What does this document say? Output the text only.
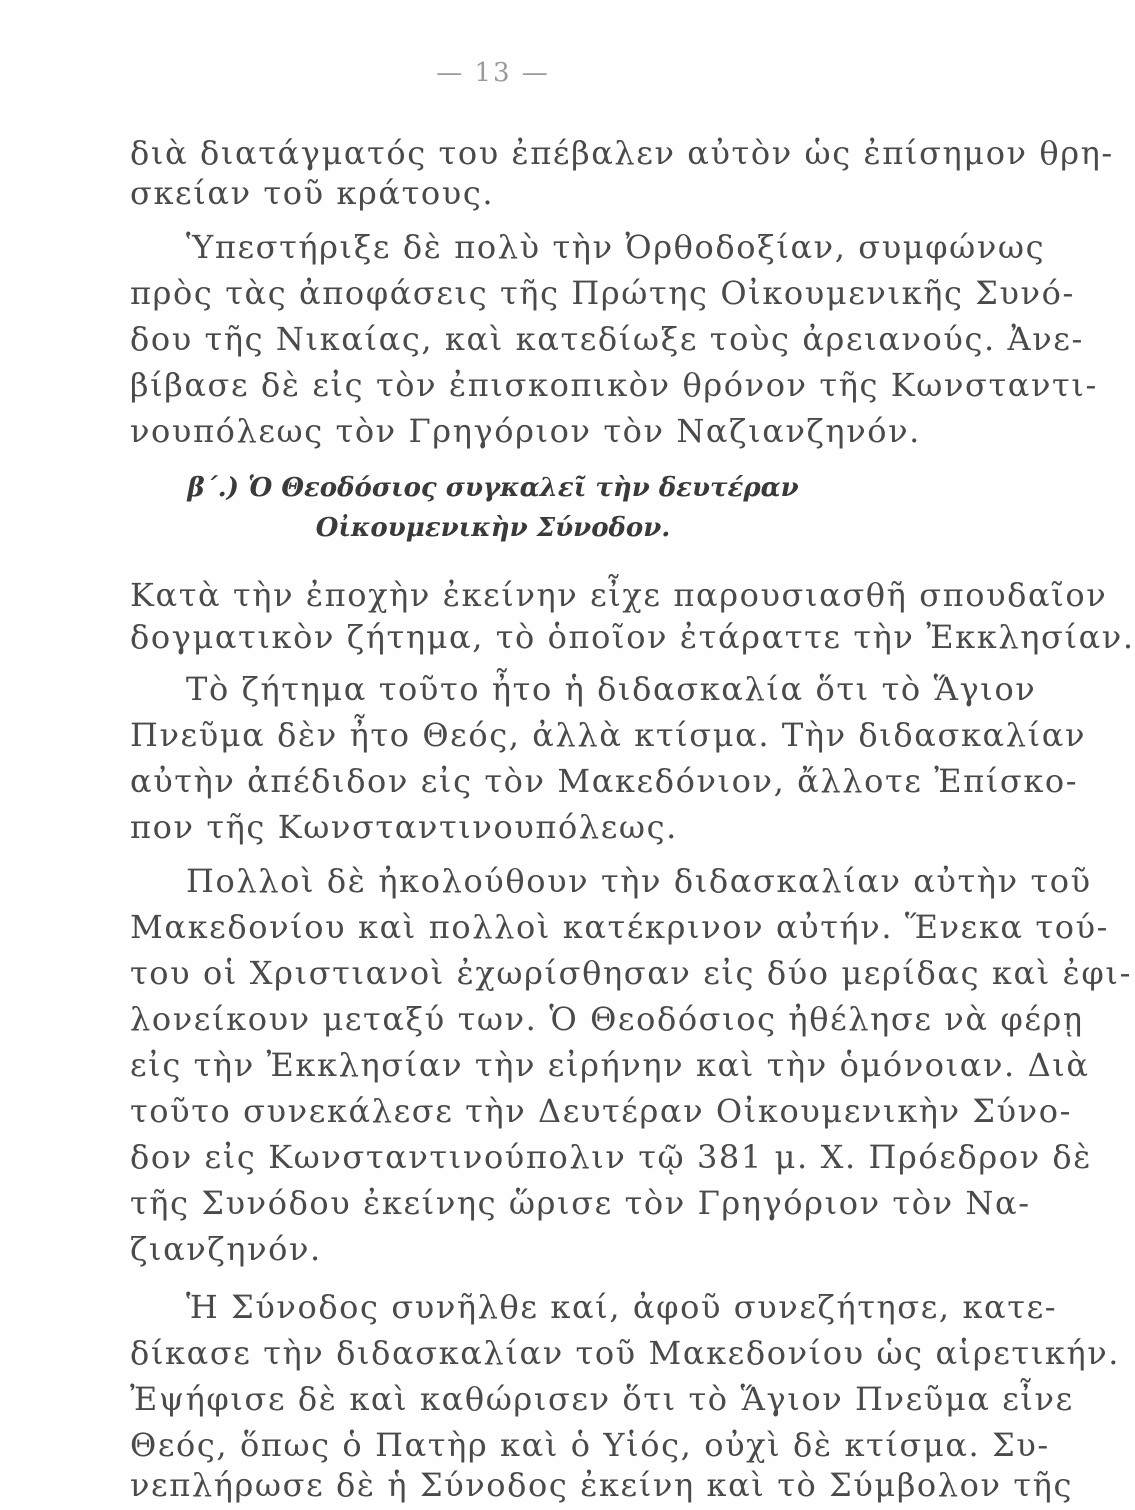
— 13 —
διὰ διατάγματός του ἐπέβαλεν αὐτὸν ὡς ἐπίσημον θρη-
σκείαν τοῦ κράτους.
Ὑπεστήριξε δὲ πολὺ τὴν Ὀρθοδοξίαν, συμφώνως
πρὸς τὰς ἀποφάσεις τῆς Πρώτης Οἰκουμενικῆς Συνό-
δου τῆς Νικαίας, καὶ κατεδίωξε τοὺς ἀρειανούς. Ἀνε-
βίβασε δὲ εἰς τὸν ἐπισκοπικὸν θρόνον τῆς Κωνσταντι-
νουπόλεως τὸν Γρηγόριον τὸν Ναζιανζηνόν.
β΄.) Ὁ Θεοδόσιος συγκαλεῖ τὴν δευτέραν
Οἰκουμενικὴν Σύνοδον.
Κατὰ τὴν ἐποχὴν ἐκείνην εἶχε παρουσιασθῆ σπουδαῖον
δογματικὸν ζήτημα, τὸ ὁποῖον ἐτάραττε τὴν Ἐκκλησίαν.
Τὸ ζήτημα τοῦτο ἦτο ἡ διδασκαλία ὅτι τὸ Ἅγιον
Πνεῦμα δὲν ἦτο Θεός, ἀλλὰ κτίσμα. Τὴν διδασκαλίαν
αὐτὴν ἀπέδιδον εἰς τὸν Μακεδόνιον, ἄλλοτε Ἐπίσκο-
πον τῆς Κωνσταντινουπόλεως.
Πολλοὶ δὲ ἠκολούθουν τὴν διδασκαλίαν αὐτὴν τοῦ
Μακεδονίου καὶ πολλοὶ κατέκρινον αὐτήν. Ἕνεκα τού-
του οἱ Χριστιανοὶ ἐχωρίσθησαν εἰς δύο μερίδας καὶ ἐφι-
λονείκουν μεταξύ των. Ὁ Θεοδόσιος ἠθέλησε νὰ φέρῃ
εἰς τὴν Ἐκκλησίαν τὴν εἰρήνην καὶ τὴν ὁμόνοιαν. Διὰ
τοῦτο συνεκάλεσε τὴν Δευτέραν Οἰκουμενικὴν Σύνο-
δον εἰς Κωνσταντινούπολιν τῷ 381 μ. Χ. Πρόεδρον δὲ
τῆς Συνόδου ἐκείνης ὥρισε τὸν Γρηγόριον τὸν Να-
ζιανζηνόν.
Ἡ Σύνοδος συνῆλθε καί, ἀφοῦ συνεζήτησε, κατε-
δίκασε τὴν διδασκαλίαν τοῦ Μακεδονίου ὡς αἱρετικήν.
Ἐψήφισε δὲ καὶ καθώρισεν ὅτι τὸ Ἅγιον Πνεῦμα εἶνε
Θεός, ὅπως ὁ Πατὴρ καὶ ὁ Υἱός, οὐχὶ δὲ κτίσμα. Συ-
νεπλήρωσε δὲ ἡ Σύνοδος ἐκείνη καὶ τὸ Σύμβολον τῆς
